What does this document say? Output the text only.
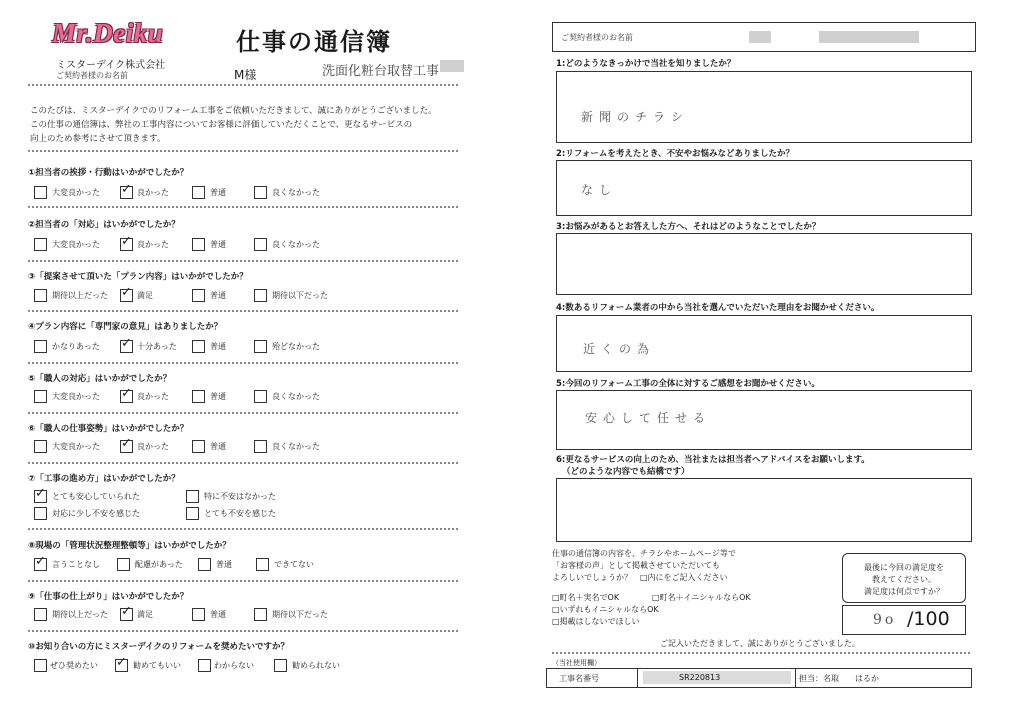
Mr.Deiku	仕事の通信簿
ミスターデイク株式会社
ご契約者様のお名前	M様	洗面化粧台取替工事
このたびは、ミスターデイクでのリフォーム工事をご依頼いただきまして、誠にありがとうございました。
この仕事の通信簿は、弊社の工事内容についてお客様に評価していただくことで、更なるサービスの
向上のため参考にさせて頂きます。
①担当者の挨拶・行動はいかがでしたか？
大変良かった ✓ 良かった	普通	良くなかった
②担当者の「対応」はいかがでしたか？
大変良かった ✓ 良かった	普通	良くなかった
③「提案させて頂いた「プラン内容」はいかがでしたか？
期待以上だった ✓ 満足	普通	期待以下だった
④プラン内容に「専門家の意見」はありましたか？
かなりあった ✓ 十分あった	普通	殆どなかった
⑤「職人の対応」はいかがでしたか？
大変良かった ✓ 良かった	普通	良くなかった
⑥「職人の仕事姿勢」はいかがでしたか？
大変良かった ✓ 良かった	普通	良くなかった
⑦「工事の進め方」はいかがでしたか？
✓ とても安心していられた	特に不安はなかった
対応に少し不安を感じた	とても不安を感じた
⑧現場の「管理状況整理整頓等」はいかがでしたか？
✓ 言うことなし	配慮があった	普通	できてない
⑨「仕事の仕上がり」はいかがでしたか？
期待以上だった ✓ 満足	普通	期待以下だった
⑩お知り合いの方にミスターデイクのリフォームを奨めたいですか？
ぜひ奨めたい ✓ 勧めてもいい	わからない	勧められない
ご契約者様のお名前
1:どのようなきっかけで当社を知りましたか？
新聞のチラシ
2:リフォームを考えたとき、不安やお悩みなどありましたか？
なし
3:お悩みがあるとお答えした方へ、それはどのようなことでしたか？
4:数あるリフォーム業者の中から当社を選んでいただいた理由をお聞かせください。
近くの為
5:今回のリフォーム工事の全体に対するご感想をお聞かせください。
安心して任せる
6:更なるサービスの向上のため、当社または担当者へアドバイスをお願いします。
（どのような内容でも結構です）
仕事の通信簿の内容を、チラシやホームページ等で
「お客様の声」として掲載させていただいても
よろしいでしょうか？　□内にをご記入ください
□町名＋実名でOK	□町名＋イニシャルならOK
□いずれもイニシャルならOK
□掲載はしないでほしい
最後に今回の満足度を
教えてください。
満足度は何点ですか？
9o /100
ご記入いただきまして、誠にありがとうございました。
（当社使用欄）
工事名番号	SR220813	担当：名取 はるか
